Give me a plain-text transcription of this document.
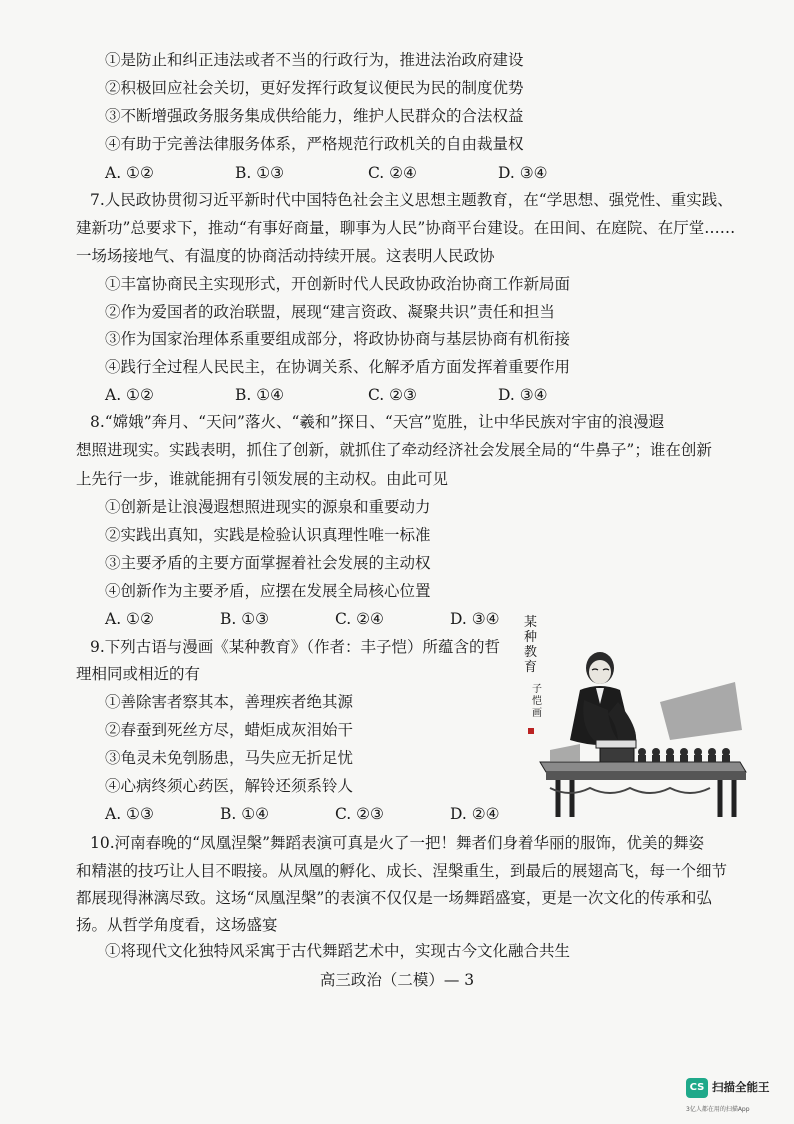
①是防止和纠正违法或者不当的行政行为，推进法治政府建设
②积极回应社会关切，更好发挥行政复议便民为民的制度优势
③不断增强政务服务集成供给能力，维护人民群众的合法权益
④有助于完善法律服务体系，严格规范行政机关的自由裁量权
A. ①②	B. ①③	C. ②④	D. ③④
7.人民政协贯彻习近平新时代中国特色社会主义思想主题教育，在“学思想、强党性、重实践、
建新功”总要求下，推动“有事好商量，聊事为人民”协商平台建设。在田间、在庭院、在厅堂……
一场场接地气、有温度的协商活动持续开展。这表明人民政协
①丰富协商民主实现形式，开创新时代人民政协政治协商工作新局面
②作为爱国者的政治联盟，展现“建言资政、凝聚共识”责任和担当
③作为国家治理体系重要组成部分，将政协协商与基层协商有机衔接
④践行全过程人民民主，在协调关系、化解矛盾方面发挥着重要作用
A. ①②	B. ①④	C. ②③	D. ③④
8.“嫦娥”奔月、“天问”落火、“羲和”探日、“天宫”览胜，让中华民族对宇宙的浪漫遐
想照进现实。实践表明，抓住了创新，就抓住了牵动经济社会发展全局的“牛鼻子”；谁在创新
上先行一步，谁就能拥有引领发展的主动权。由此可见
①创新是让浪漫遐想照进现实的源泉和重要动力
②实践出真知，实践是检验认识真理性唯一标准
③主要矛盾的主要方面掌握着社会发展的主动权
④创新作为主要矛盾，应摆在发展全局核心位置
A. ①②	B. ①③	C. ②④	D. ③④
9.下列古语与漫画《某种教育》（作者：丰子恺）所蕴含的哲
理相同或相近的有
①善除害者察其本，善理疾者绝其源
②春蚕到死丝方尽，蜡炬成灰泪始干
③龟灵未免刳肠患，马失应无折足忧
④心病终须心药医，解铃还须系铃人
A. ①③	B. ①④	C. ②③	D. ②④
某 种 教 育
子 恺 画
10.河南春晚的“凤凰涅槃”舞蹈表演可真是火了一把！舞者们身着华丽的服饰，优美的舞姿
和精湛的技巧让人目不暇接。从凤凰的孵化、成长、涅槃重生，到最后的展翅高飞，每一个细节
都展现得淋漓尽致。这场“凤凰涅槃”的表演不仅仅是一场舞蹈盛宴，更是一次文化的传承和弘
扬。从哲学角度看，这场盛宴
①将现代文化独特风采寓于古代舞蹈艺术中，实现古今文化融合共生
高三政治（二模）— 3
CS 扫描全能王
3亿人都在用的扫描App
